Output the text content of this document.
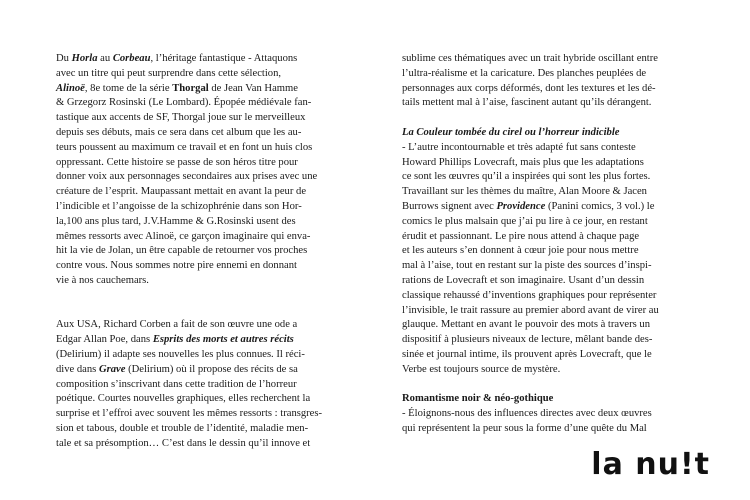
Du Horla au Corbeau, l’héritage fantastique - Attaquons
avec un titre qui peut surprendre dans cette sélection,
Alinoë, 8e tome de la série Thorgal de Jean Van Hamme
& Grzegorz Rosinski (Le Lombard). Épopée médiévale fan-
tastique aux accents de SF, Thorgal joue sur le merveilleux
depuis ses débuts, mais ce sera dans cet album que les au-
teurs poussent au maximum ce travail et en font un huis clos
oppressant. Cette histoire se passe de son héros titre pour
donner voix aux personnages secondaires aux prises avec une
créature de l’esprit. Maupassant mettait en avant la peur de
l’indicible et l’angoisse de la schizophrénie dans son Hor-
la,100 ans plus tard, J.V.Hamme & G.Rosinski usent des
mêmes ressorts avec Alinoë, ce garçon imaginaire qui enva-
hit la vie de Jolan, un être capable de retourner vos proches
contre vous. Nous sommes notre pire ennemi en donnant
vie à nos cauchemars.
Aux USA, Richard Corben a fait de son œuvre une ode a
Edgar Allan Poe, dans Esprits des morts et autres récits
(Delirium) il adapte ses nouvelles les plus connues. Il réci-
dive dans Grave (Delirium) où il propose des récits de sa
composition s’inscrivant dans cette tradition de l’horreur
poétique. Courtes nouvelles graphiques, elles recherchent la
surprise et l’effroi avec souvent les mêmes ressorts : transgres-
sion et tabous, double et trouble de l’identité, maladie men-
tale et sa présomption… C’est dans le dessin qu’il innove et
sublime ces thématiques avec un trait hybride oscillant entre
l’ultra-réalisme et la caricature. Des planches peuplées de
personnages aux corps déformés, dont les textures et les dé-
tails mettent mal à l’aise, fascinent autant qu’ils dérangent.
La Couleur tombée du cirel ou l’horreur indicible
- L’autre incontournable et très adapté fut sans conteste
Howard Phillips Lovecraft, mais plus que les adaptations
ce sont les œuvres qu’il a inspirées qui sont les plus fortes.
Travaillant sur les thèmes du maître, Alan Moore & Jacen
Burrows signent avec Providence (Panini comics, 3 vol.) le
comics le plus malsain que j’ai pu lire à ce jour, en restant
érudit et passionnant. Le pire nous attend à chaque page
et les auteurs s’en donnent à cœur joie pour nous mettre
mal à l’aise, tout en restant sur la piste des sources d’inspi-
rations de Lovecraft et son imaginaire. Usant d’un dessin
classique rehaussé d’inventions graphiques pour représenter
l’invisible, le trait rassure au premier abord avant de virer au
glauque. Mettant en avant le pouvoir des mots à travers un
dispositif à plusieurs niveaux de lecture, mêlant bande des-
sinée et journal intime, ils prouvent après Lovecraft, que le
Verbe est toujours source de mystère.
Romantisme noir & néo-gothique
- Éloignons-nous des influences directes avec deux œuvres
qui représentent la peur sous la forme d’une quête du Mal
la nu!t
